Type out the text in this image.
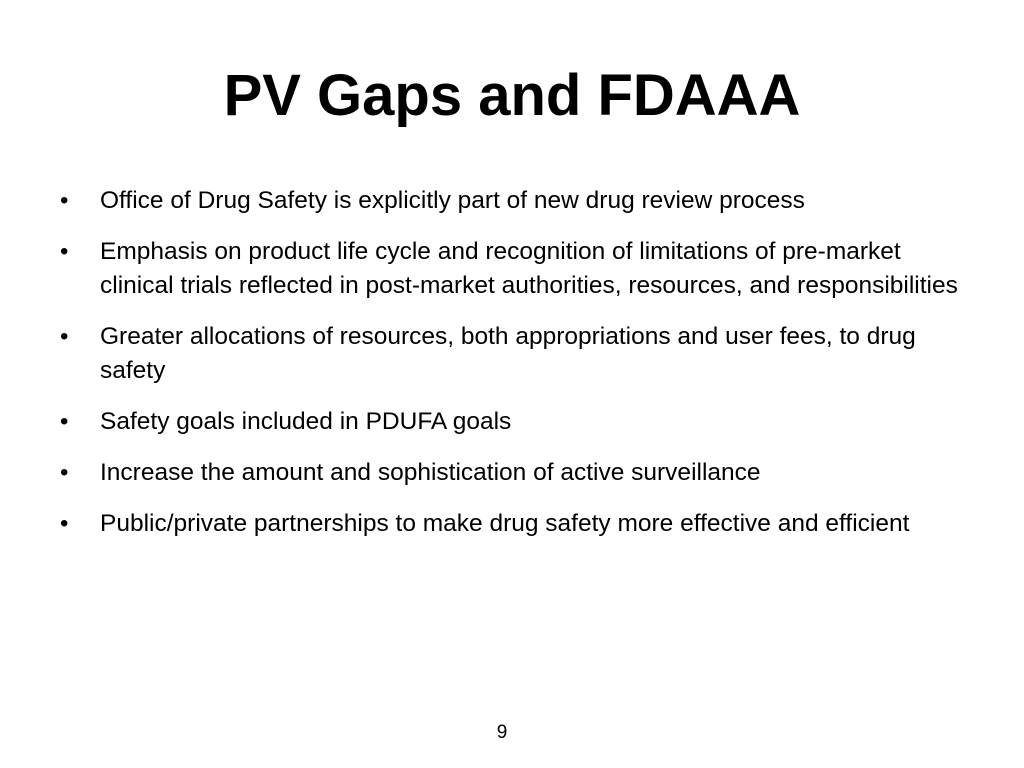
PV Gaps and FDAAA
•	Office of Drug Safety is explicitly part of new drug review process
•	Emphasis on product life cycle and recognition of limitations of pre-market clinical trials reflected in post-market authorities, resources, and responsibilities
•	Greater allocations of resources, both appropriations and user fees, to drug safety
•	Safety goals included in PDUFA goals
•	Increase the amount and sophistication of active surveillance
•	Public/private partnerships to make drug safety more effective and efficient
9
